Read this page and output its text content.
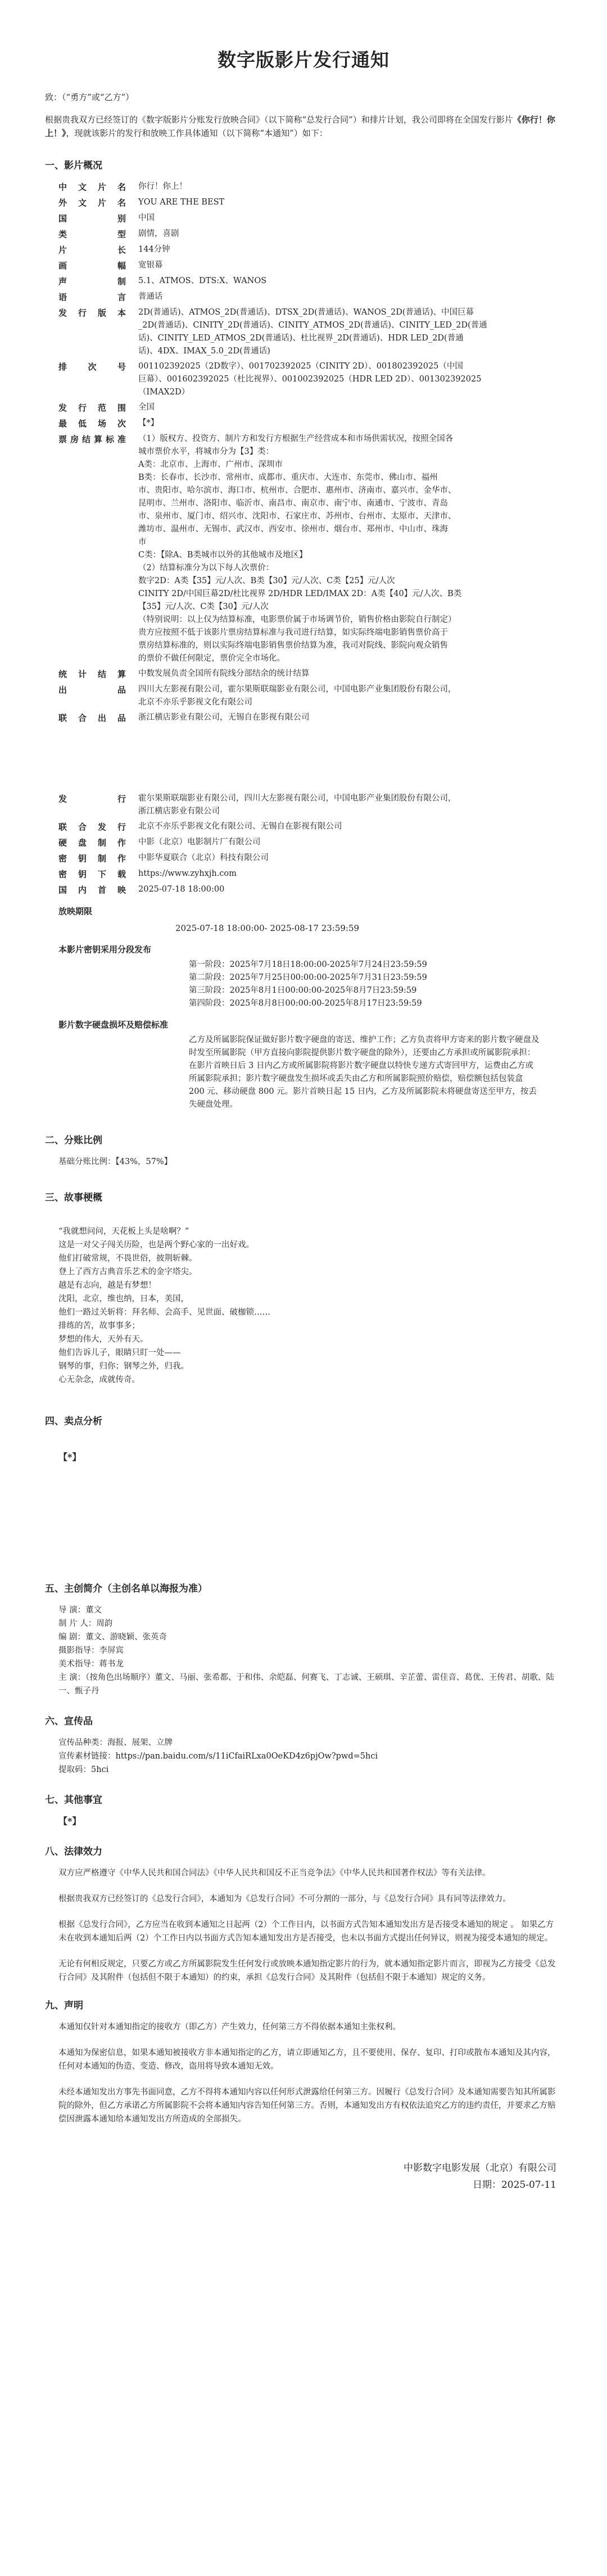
数字版影片发行通知

致：（“勇方”或“乙方”）

根据贵我双方已经签订的《数字版影片分账发行放映合同》（以下简称“总发行合同”）和排片计划，我公司即将在全国发行影片《你行！你上！》，现就该影片的发行和放映工作具体通知（以下简称“本通知”）如下：

一、影片概况
中文片名	你行！你上！
外文片名	YOU ARE THE BEST
国别	中国
类型	剧情，喜剧
片长	144分钟
画幅	宽银幕
声制	5.1、ATMOS、DTS:X、WANOS
语言	普通话
发行版本	2D(普通话)、ATMOS_2D(普通话)、DTSX_2D(普通话)、WANOS_2D(普通话)、中国巨幕
_2D(普通话)、CINITY_2D(普通话)、CINITY_ATMOS_2D(普通话)、CINITY_LED_2D(普通
话)、CINITY_LED_ATMOS_2D(普通话)、杜比视界_2D(普通话)、HDR LED_2D(普通
话)、4DX、IMAX_5.0_2D(普通话)
排次号	001102392025（2D数字）、001702392025（CINITY 2D）、001802392025（中国
巨幕）、001602392025（杜比视界）、001002392025（HDR LED 2D）、001302392025
（IMAX2D）
发行范围	全国
最低场次	【*】
票房结算标准	（1）版权方、投资方、制片方和发行方根据生产经营成本和市场供需状况，按照全国各
城市票价水平，将城市分为【3】类：
A类：北京市、上海市、广州市、深圳市
B类：长春市、长沙市、常州市、成都市、重庆市、大连市、东莞市、佛山市、福州
市、贵阳市、哈尔滨市、海口市、杭州市、合肥市、惠州市、济南市、嘉兴市、金华市、
昆明市、兰州市、洛阳市、临沂市、南昌市、南京市、南宁市、南通市、宁波市、青岛
市、泉州市、厦门市、绍兴市、沈阳市、石家庄市、苏州市、台州市、太原市、天津市、
潍坊市、温州市、无锡市、武汉市、西安市、徐州市、烟台市、郑州市、中山市、珠海
市
C类：【除A、B类城市以外的其他城市及地区】
（2）结算标准分为以下每人次票价：
数字2D：A类【35】元/人次、B类【30】元/人次、C类【25】元/人次
CINITY 2D/中国巨幕2D/杜比视界 2D/HDR LED/IMAX 2D：A类【40】元/人次、B类
【35】元/人次、C类【30】元/人次
（特别说明：以上仅为结算标准，电影票价属于市场调节价，销售价格由影院自行制定）
贵方应按照不低于该影片票房结算标准与我司进行结算，如实际终端电影销售票价高于
票房结算标准的，则以实际终端电影销售票价结算为准，我司对院线、影院向观众销售
的票价不做任何限定，票价完全市场化。
统计结算	中数发展负责全国所有院线分部结余的统计结算
出品	四川大左影视有限公司，霍尔果斯联瑞影业有限公司，中国电影产业集团股份有限公司，
北京不亦乐乎影视文化有限公司
联合出品	浙江横店影业有限公司，无锡自在影视有限公司
发行	霍尔果斯联瑞影业有限公司，四川大左影视有限公司，中国电影产业集团股份有限公司，
浙江横店影业有限公司
联合发行	北京不亦乐乎影视文化有限公司、无锡自在影视有限公司
硬盘制作	中影（北京）电影制片厂有限公司
密钥制作	中影华夏联合（北京）科技有限公司
密钥下载	https://www.zyhxjh.com
国内首映	2025-07-18 18:00:00
放映期限
2025-07-18 18:00:00- 2025-08-17 23:59:59
本影片密钥采用分段发布
第一阶段：2025年7月18日18:00:00-2025年7月24日23:59:59
第二阶段：2025年7月25日00:00:00-2025年7月31日23:59:59
第三阶段：2025年8月1日00:00:00-2025年8月7日23:59:59
第四阶段：2025年8月8日00:00:00-2025年8月17日23:59:59
影片数字硬盘损坏及赔偿标准
乙方及所属影院保证做好影片数字硬盘的寄送、维护工作；乙方负责将甲方寄来的影片数字硬盘及时发至所属影院（甲方直接向影院提供影片数字硬盘的除外），还要由乙方承担或所属影院承担：在影片首映日后 3 日内乙方或所属影院将影片数字硬盘以特快专递方式寄回甲方，运费由乙方或所属影院承担；影片数字硬盘发生损坏或丢失由乙方和所属影院照价赔偿，赔偿额包括包装盒 200 元、移动硬盘 800 元。影片首映日起 15 日内，乙方及所属影院未将硬盘寄送至甲方，按丢失硬盘处理。
二、分账比例

基础分账比例：【43%，57%】

三、故事梗概
“我就想问问，天花板上头是啥啊？”
这是一对父子闯关历险，也是两个野心家的一出好戏。
他们打破常规，不畏世俗，披荆斩棘。
登上了西方古典音乐艺术的金字塔尖。
越是有志向，越是有梦想！
沈阳，北京，维也纳，日本，美国，
他们一路过关斩将：拜名师、会高手、见世面、破枷锁……
排练的苦，故事事多；
梦想的伟大，天外有天。
他们告诉儿子，眼睛只盯一处——
钢琴的事，归你；钢琴之外，归我。
心无杂念，成就传奇。
四、卖点分析
【*】
五、主创简介（主创名单以海报为准）
导 演：董文
制 片 人：周韵
编 剧：董文、游晓颖、张英奇
摄影指导：李屏宾
美术指导：蒋书龙
主 演：（按角色出场顺序）董文、马丽、张希都、于和伟、余皑磊、何赛飞、丁志诚、王硕琪、辛芷蕾、雷佳音、葛优、王传君、胡歌、陆一、甄子丹
六、宣传品
宣传品种类：海报、展架、立牌
宣传素材链接：https://pan.baidu.com/s/11iCfaiRLxa0OeKD4z6pjOw?pwd=5hci
提取码：5hci
七、其他事宜
【*】
八、法律效力

双方应严格遵守《中华人民共和国合同法》《中华人民共和国反不正当竞争法》《中华人民共和国著作权法》等有关法律。

根据贵我双方已经签订的《总发行合同》，本通知为《总发行合同》不可分割的一部分，与《总发行合同》具有同等法律效力。

根据《总发行合同》，乙方应当在收到本通知之日起两（2）个工作日内，以书面方式告知本通知发出方是否接受本通知的规定 。 如果乙方未在收到本通知后两（2）个工作日内以书面方式告知本通知发出方是否接受，也未以书面方式提出任何异议，则视为接受本通知的规定。

无论有何相反规定，只要乙方或乙方所属影院发生任何发行或放映本通知指定影片的行为，就本通知指定影片而言，即视为乙方接受《总发行合同》及其附件（包括但不限于本通知）的约束，承担《总发行合同》及其附件（包括但不限于本通知）规定的义务。

九、声明

本通知仅针对本通知指定的接收方（即乙方）产生效力，任何第三方不得依据本通知主张权利。

本通知为保密信息，如果本通知被接收方非本通知指定的乙方，请立即通知乙方，且不要使用、保存、复印、打印或散布本通知及其内容，任何对本通知的伪造、变造、修改，盗用将导致本通知无效。

未经本通知发出方事先书面同意，乙方不得将本通知内容以任何形式泄露给任何第三方。因履行《总发行合同》及本通知需要告知其所属影院的除外，但乙方承诺乙方所属影院不会将本通知内容告知任何第三方。否则，本通知发出方有权依法追究乙方的违约责任，并要求乙方赔偿因泄露本通知给本通知发出方所造成的全部损失。

中影数字电影发展（北京）有限公司
日期：2025-07-11
